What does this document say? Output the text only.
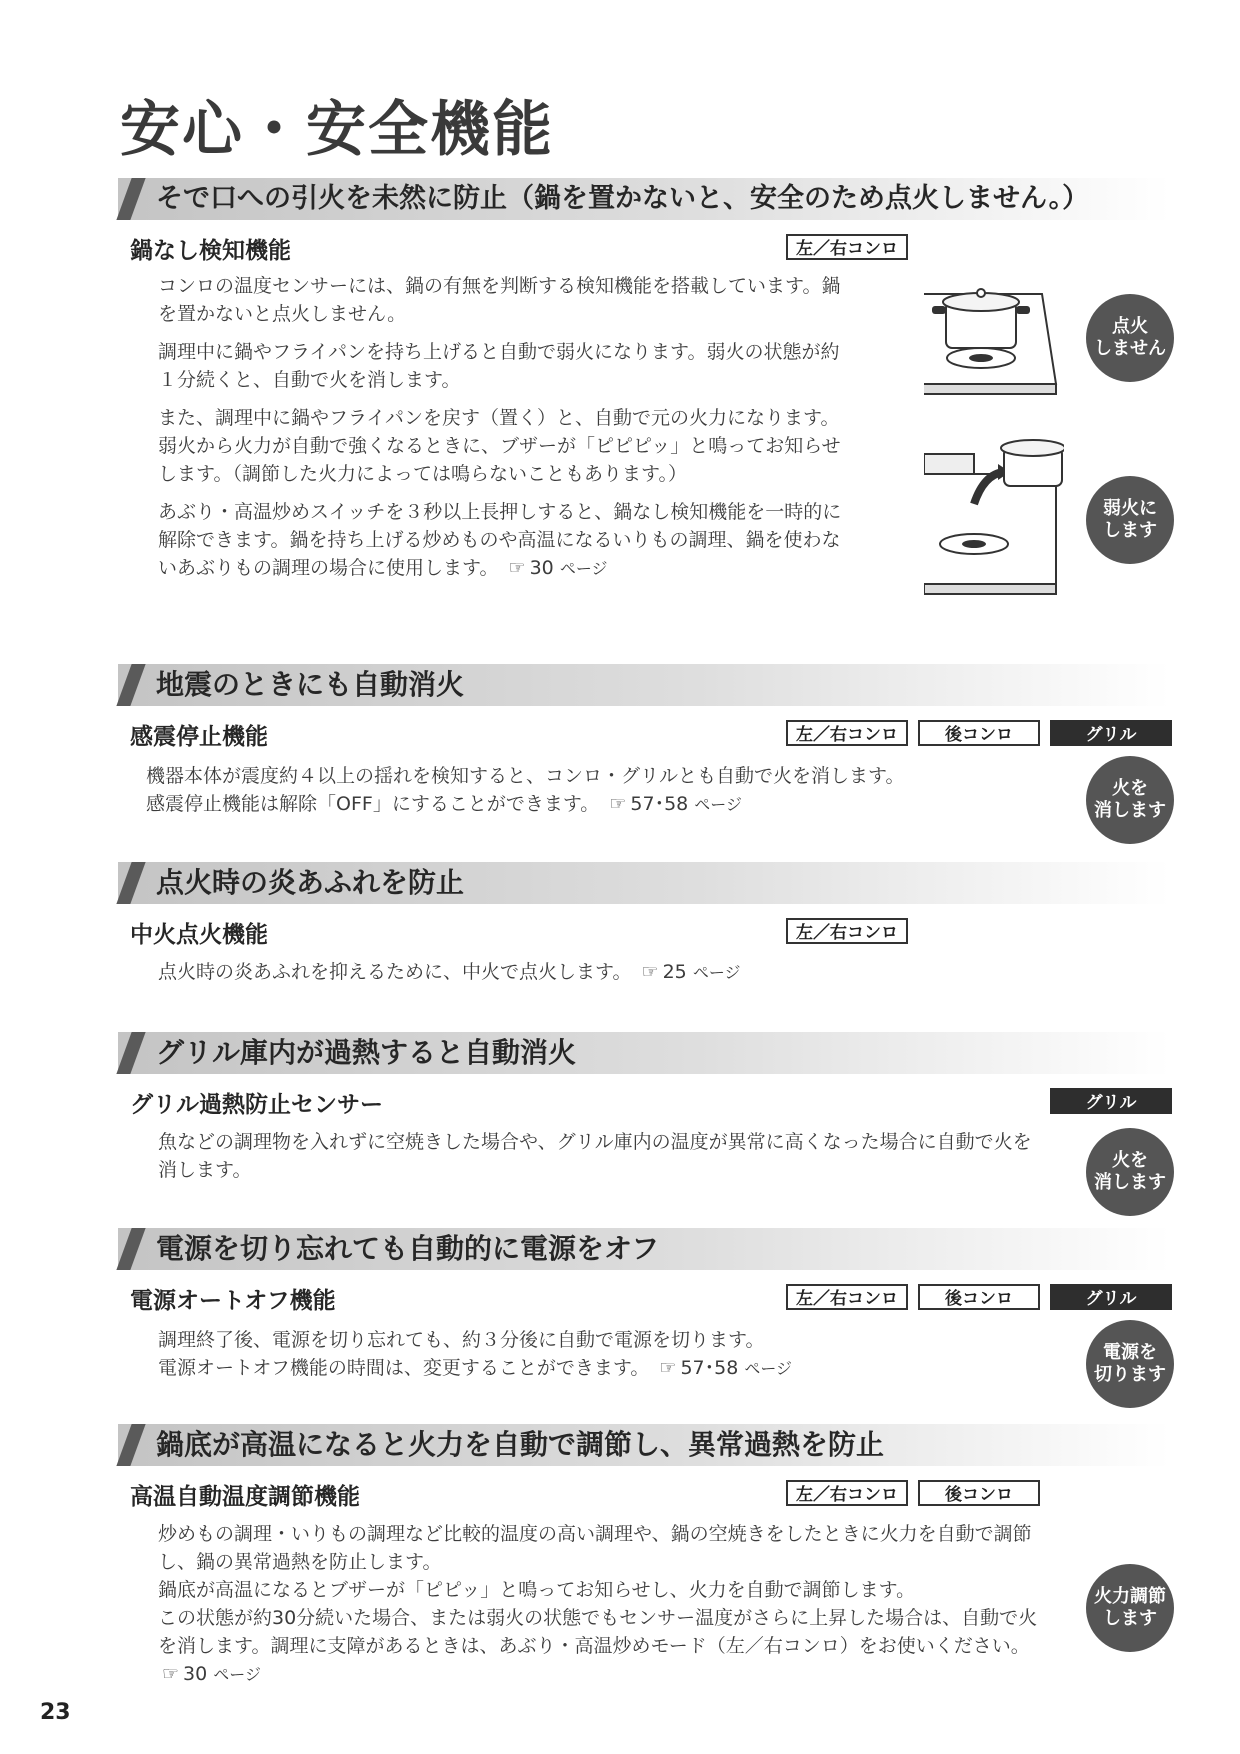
安心・安全機能
そで口への引火を未然に防止（鍋を置かないと、安全のため点火しません。）
鍋なし検知機能	左／右コンロ

コンロの温度センサーには、鍋の有無を判断する検知機能を搭載しています。鍋を置かないと点火しません。

調理中に鍋やフライパンを持ち上げると自動で弱火になります。弱火の状態が約１分続くと、自動で火を消します。

また、調理中に鍋やフライパンを戻す（置く）と、自動で元の火力になります。弱火から火力が自動で強くなるときに、ブザーが「ピピピッ」と鳴ってお知らせします。（調節した火力によっては鳴らないこともあります。）

あぶり・高温炒めスイッチを３秒以上長押しすると、鍋なし検知機能を一時的に解除できます。鍋を持ち上げる炒めものや高温になるいりもの調理、鍋を使わないあぶりもの調理の場合に使用します。 ☞ 30 ページ

点火
しません
弱火に
します
地震のときにも自動消火
感震停止機能	左／右コンロ	後コンロ	グリル
機器本体が震度約４以上の揺れを検知すると、コンロ・グリルとも自動で火を消します。
感震停止機能は解除「OFF」にすることができます。 ☞ 57･58 ページ
火を
消します
点火時の炎あふれを防止
中火点火機能	左／右コンロ
点火時の炎あふれを抑えるために、中火で点火します。 ☞ 25 ページ
グリル庫内が過熱すると自動消火
グリル過熱防止センサー	グリル
魚などの調理物を入れずに空焼きした場合や、グリル庫内の温度が異常に高くなった場合に自動で火を消します。	火を
消します
電源を切り忘れても自動的に電源をオフ
電源オートオフ機能	左／右コンロ	後コンロ	グリル
調理終了後、電源を切り忘れても、約３分後に自動で電源を切ります。
電源オートオフ機能の時間は、変更することができます。 ☞ 57･58 ページ
電源を
切ります
鍋底が高温になると火力を自動で調節し、異常過熱を防止
高温自動温度調節機能	左／右コンロ	後コンロ
炒めもの調理・いりもの調理など比較的温度の高い調理や、鍋の空焼きをしたときに火力を自動で調節し、鍋の異常過熱を防止します。
鍋底が高温になるとブザーが「ピピッ」と鳴ってお知らせし、火力を自動で調節します。
この状態が約30分続いた場合、または弱火の状態でもセンサー温度がさらに上昇した場合は、自動で火を消します。調理に支障があるときは、あぶり・高温炒めモード（左／右コンロ）をお使いください。 ☞ 30 ページ
火力調節
します
23
